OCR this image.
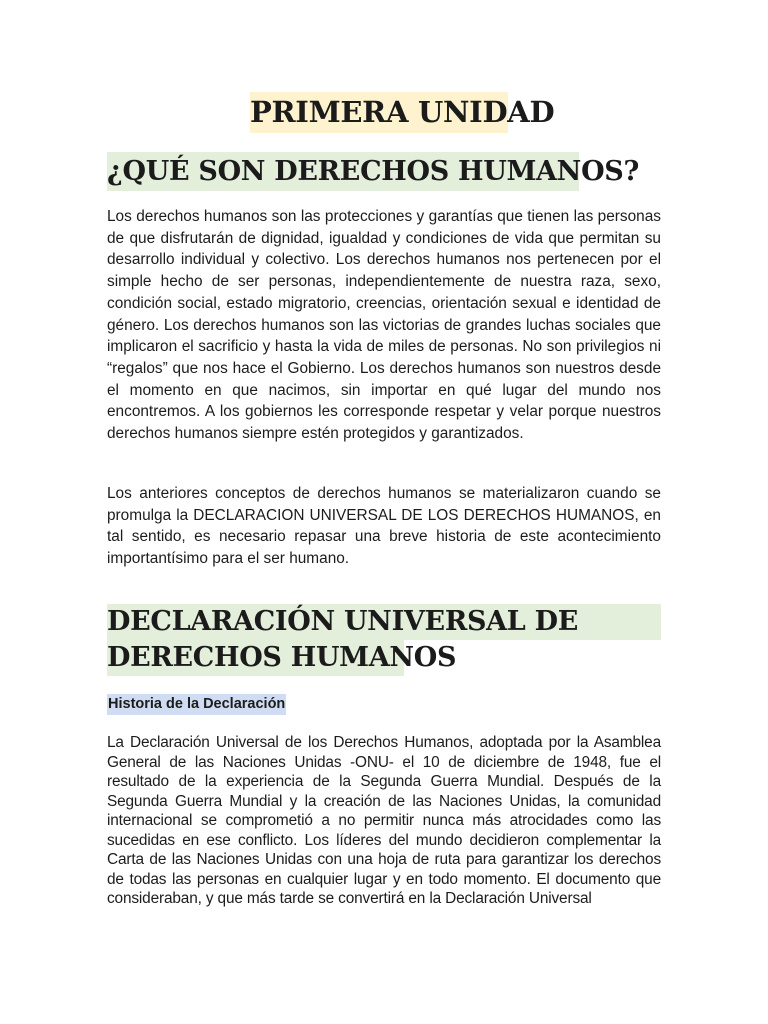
PRIMERA UNIDAD
¿QUÉ SON DERECHOS HUMANOS?

Los derechos humanos son las protecciones y garantías que tienen las personas de que disfrutarán de dignidad, igualdad y condiciones de vida que permitan su desarrollo individual y colectivo. Los derechos humanos nos pertenecen por el simple hecho de ser personas, independientemente de nuestra raza, sexo, condición social, estado migratorio, creencias, orientación sexual e identidad de género. Los derechos humanos son las victorias de grandes luchas sociales que implicaron el sacrificio y hasta la vida de miles de personas. No son privilegios ni “regalos” que nos hace el Gobierno. Los derechos humanos son nuestros desde el momento en que nacimos, sin importar en qué lugar del mundo nos encontremos. A los gobiernos les corresponde respetar y velar porque nuestros derechos humanos siempre estén protegidos y garantizados.

Los anteriores conceptos de derechos humanos se materializaron cuando se promulga la DECLARACION UNIVERSAL DE LOS DERECHOS HUMANOS, en tal sentido, es necesario repasar una breve historia de este acontecimiento importantísimo para el ser humano.

DECLARACIÓN UNIVERSAL DE
DERECHOS HUMANOS
Historia de la Declaración

La Declaración Universal de los Derechos Humanos, adoptada por la Asamblea General de las Naciones Unidas -ONU- el 10 de diciembre de 1948, fue el resultado de la experiencia de la Segunda Guerra Mundial. Después de la Segunda Guerra Mundial y la creación de las Naciones Unidas, la comunidad internacional se comprometió a no permitir nunca más atrocidades como las sucedidas en ese conflicto. Los líderes del mundo decidieron complementar la Carta de las Naciones Unidas con una hoja de ruta para garantizar los derechos de todas las personas en cualquier lugar y en todo momento. El documento que consideraban, y que más tarde se convertirá en la Declaración Universal
